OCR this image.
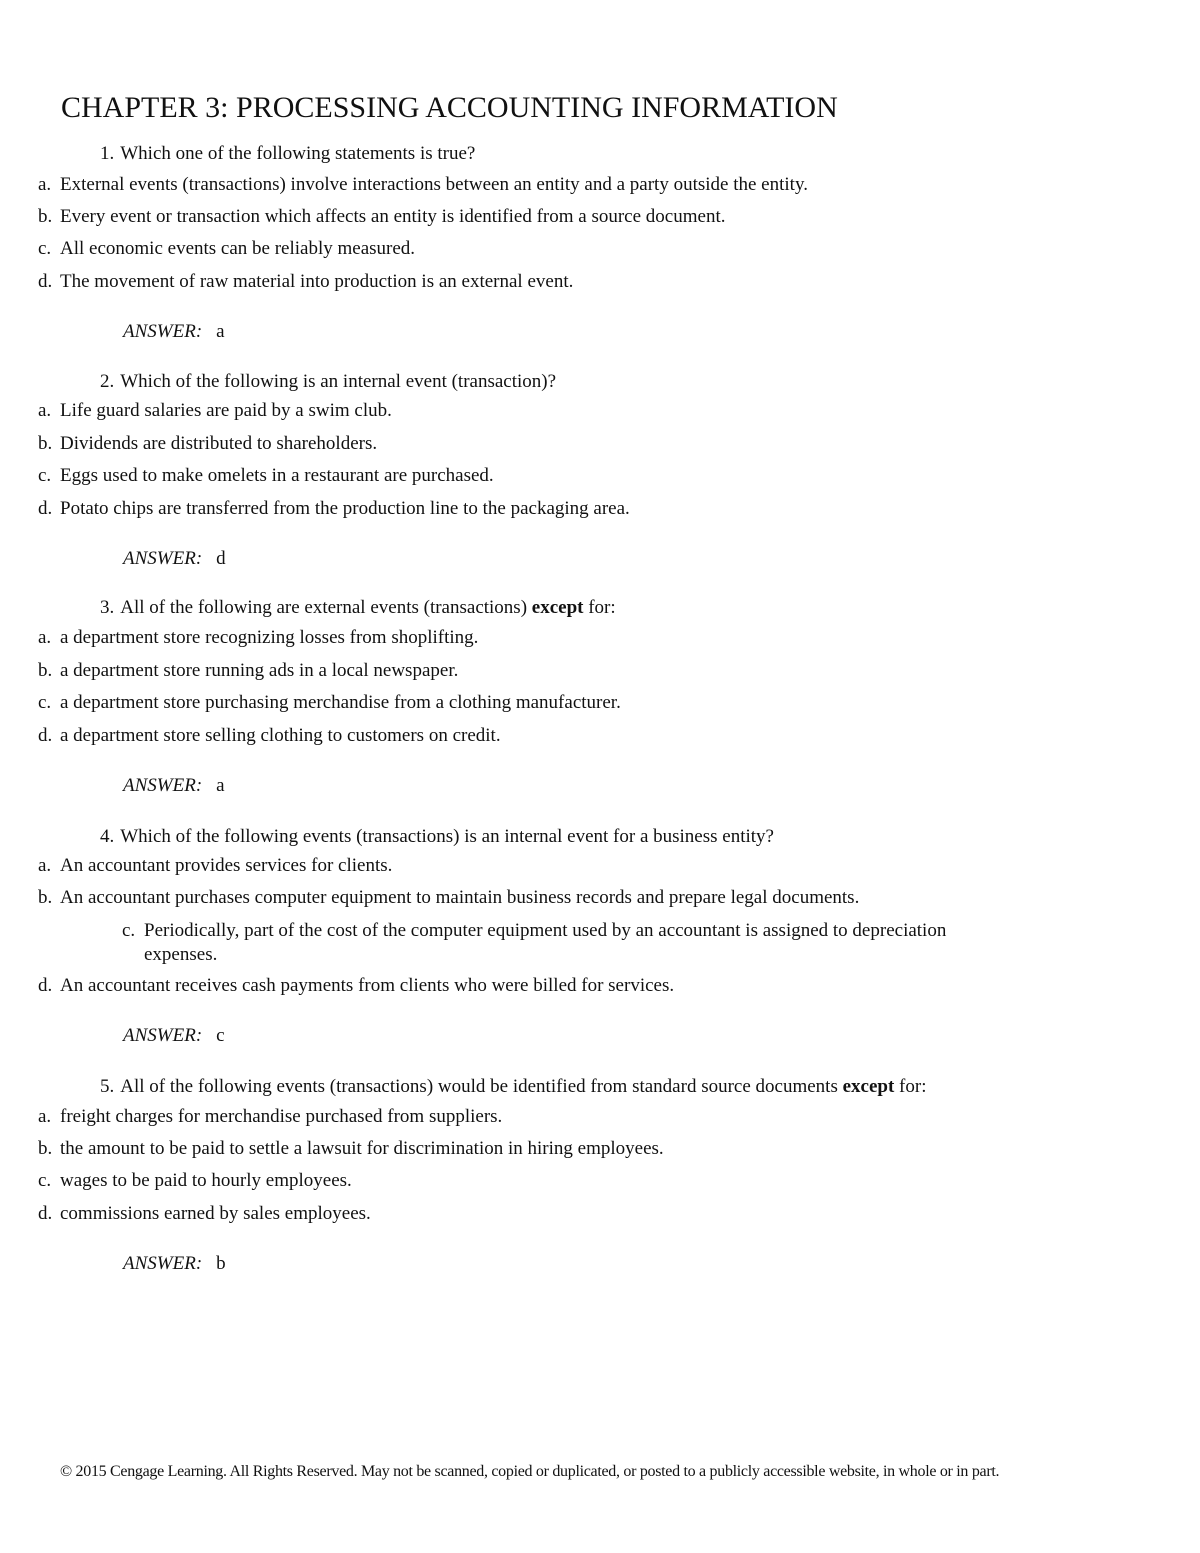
CHAPTER 3: PROCESSING ACCOUNTING INFORMATION
1. Which one of the following statements is true?
a. External events (transactions) involve interactions between an entity and a party outside the entity.
b. Every event or transaction which affects an entity is identified from a source document.
c. All economic events can be reliably measured.
d. The movement of raw material into production is an external event.
ANSWER: a
2. Which of the following is an internal event (transaction)?
a. Life guard salaries are paid by a swim club.
b. Dividends are distributed to shareholders.
c. Eggs used to make omelets in a restaurant are purchased.
d. Potato chips are transferred from the production line to the packaging area.
ANSWER: d
3. All of the following are external events (transactions) except for:
a. a department store recognizing losses from shoplifting.
b. a department store running ads in a local newspaper.
c. a department store purchasing merchandise from a clothing manufacturer.
d. a department store selling clothing to customers on credit.
ANSWER: a
4. Which of the following events (transactions) is an internal event for a business entity?
a. An accountant provides services for clients.
b. An accountant purchases computer equipment to maintain business records and prepare legal documents.
c. Periodically, part of the cost of the computer equipment used by an accountant is assigned to depreciation
expenses.
d. An accountant receives cash payments from clients who were billed for services.
ANSWER: c
5. All of the following events (transactions) would be identified from standard source documents except for:
a. freight charges for merchandise purchased from suppliers.
b. the amount to be paid to settle a lawsuit for discrimination in hiring employees.
c. wages to be paid to hourly employees.
d. commissions earned by sales employees.
ANSWER: b
© 2015 Cengage Learning. All Rights Reserved. May not be scanned, copied or duplicated, or posted to a publicly accessible website, in whole or in part.
